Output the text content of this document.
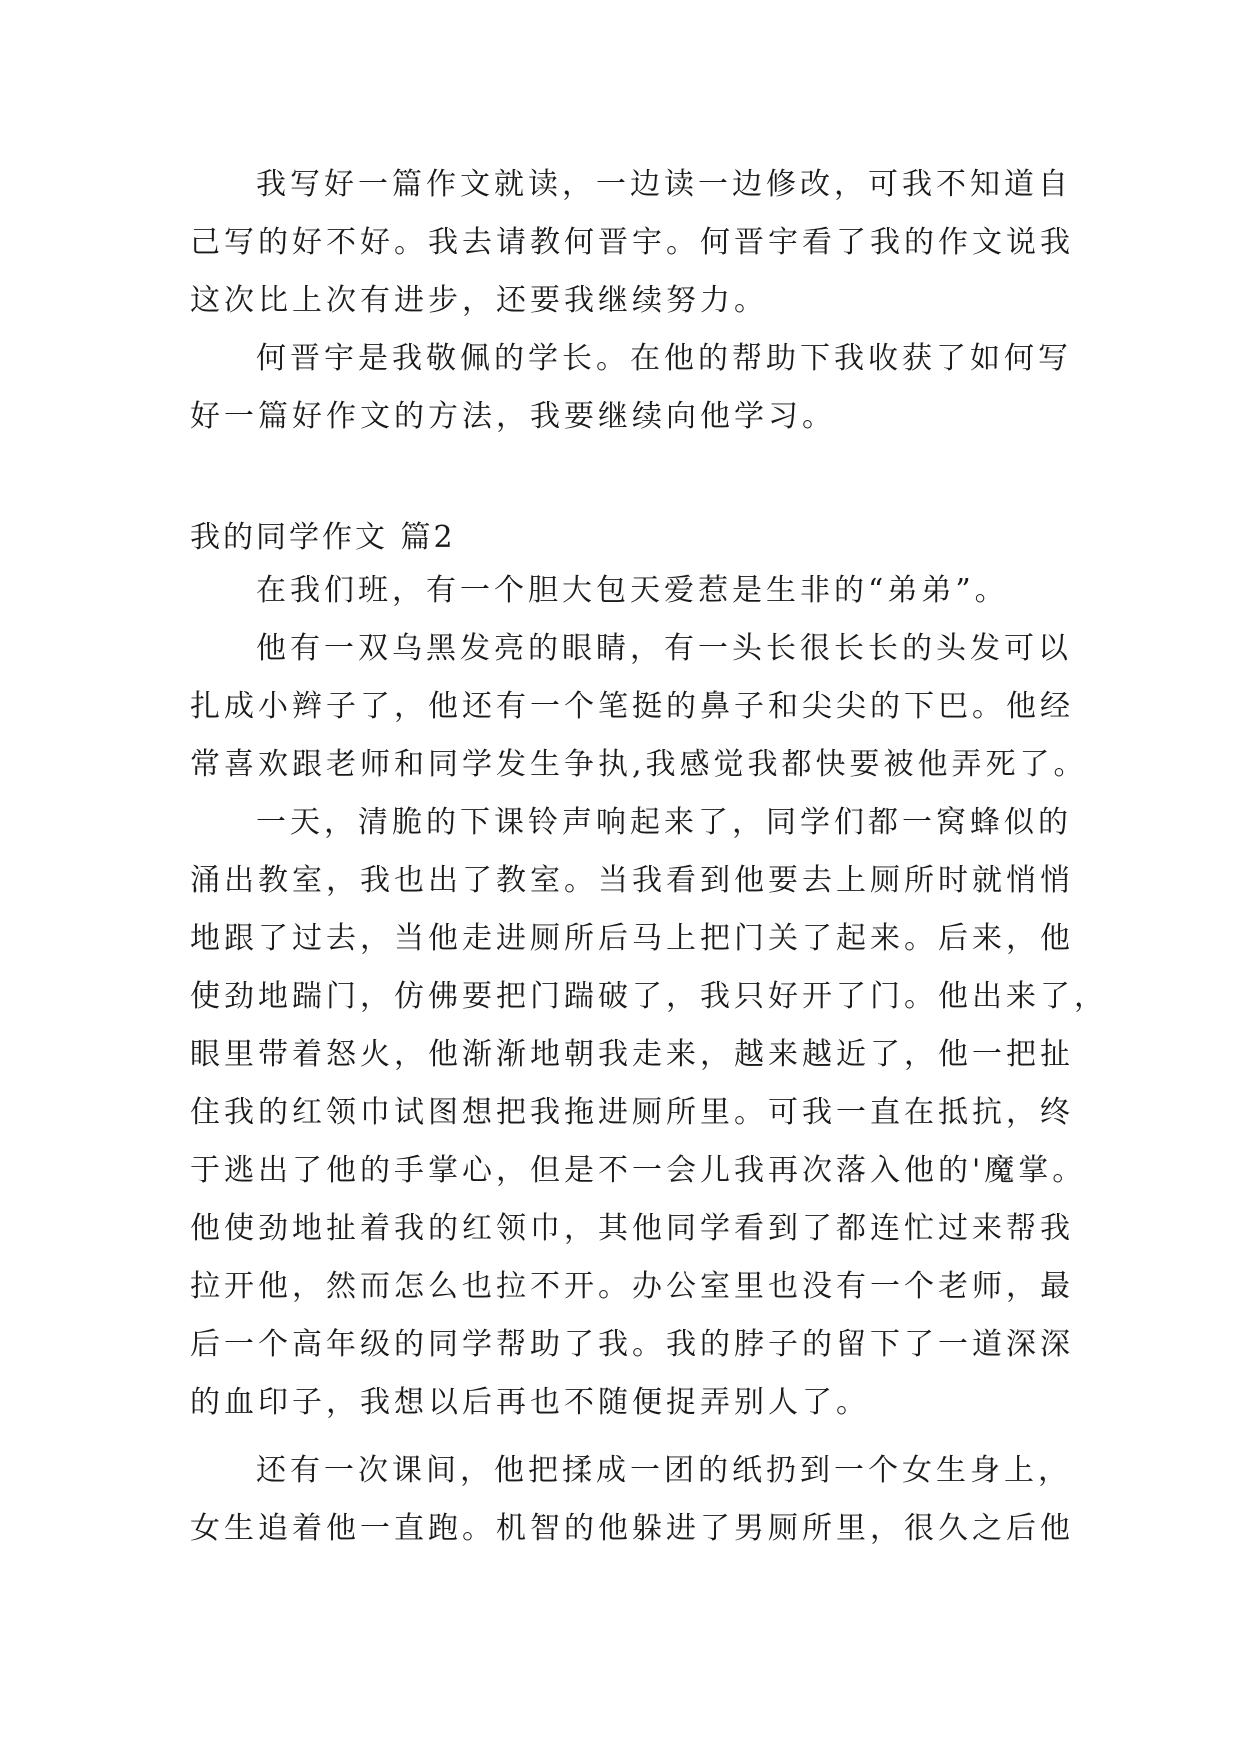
我写好一篇作文就读，一边读一边修改，可我不知道自
己写的好不好。我去请教何晋宇。何晋宇看了我的作文说我
这次比上次有进步，还要我继续努力。
何晋宇是我敬佩的学长。在他的帮助下我收获了如何写
好一篇好作文的方法，我要继续向他学习。
我的同学作文 篇2
在我们班，有一个胆大包天爱惹是生非的“弟弟”。
他有一双乌黑发亮的眼睛，有一头长很长长的头发可以
扎成小辫子了，他还有一个笔挺的鼻子和尖尖的下巴。他经
常喜欢跟老师和同学发生争执,我感觉我都快要被他弄死了。
一天，清脆的下课铃声响起来了，同学们都一窝蜂似的
涌出教室，我也出了教室。当我看到他要去上厕所时就悄悄
地跟了过去，当他走进厕所后马上把门关了起来。后来，他
使劲地踹门，仿佛要把门踹破了，我只好开了门。他出来了，
眼里带着怒火，他渐渐地朝我走来，越来越近了，他一把扯
住我的红领巾试图想把我拖进厕所里。可我一直在抵抗，终
于逃出了他的手掌心，但是不一会儿我再次落入他的'魔掌。
他使劲地扯着我的红领巾，其他同学看到了都连忙过来帮我
拉开他，然而怎么也拉不开。办公室里也没有一个老师，最
后一个高年级的同学帮助了我。我的脖子的留下了一道深深
的血印子，我想以后再也不随便捉弄别人了。
还有一次课间，他把揉成一团的纸扔到一个女生身上，
女生追着他一直跑。机智的他躲进了男厕所里，很久之后他
